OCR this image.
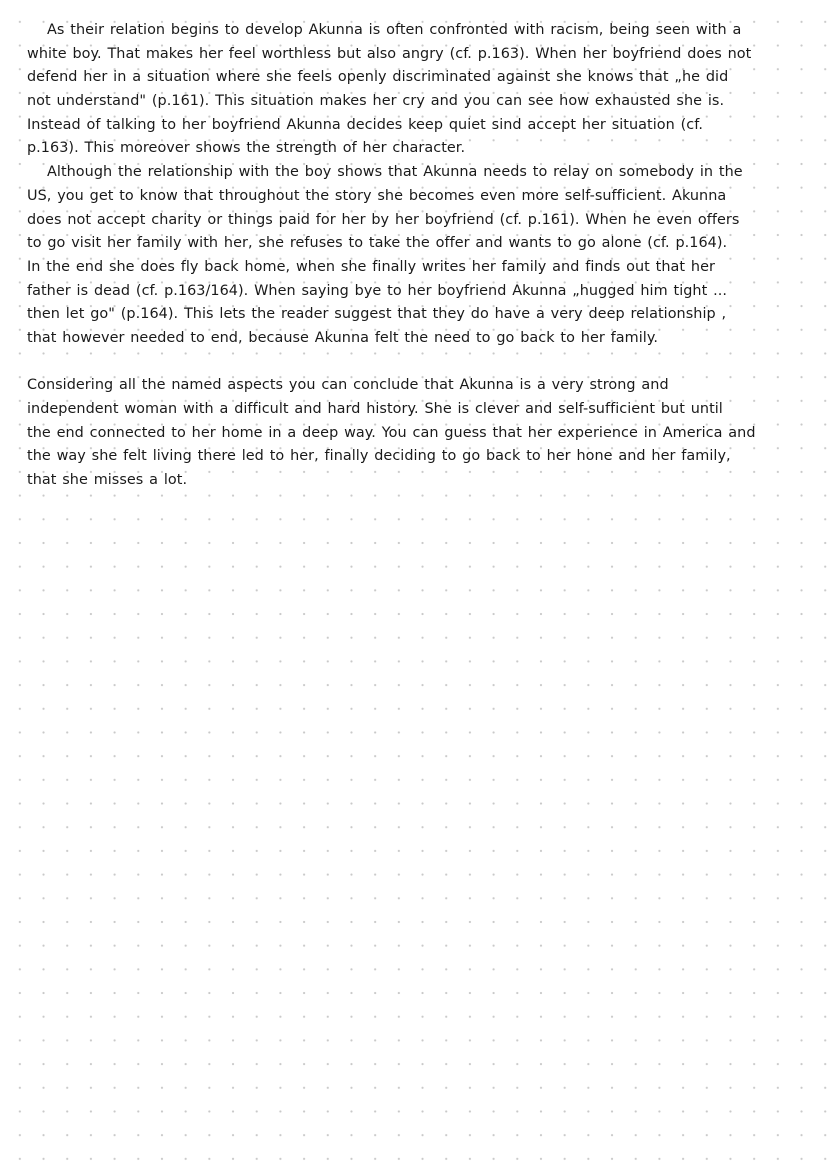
As their relation begins to develop Akunna is often confronted with racism, being seen with a
white boy. That makes her feel worthless but also angry (cf. p.163). When her boyfriend does not
defend her in a situation where she feels openly discriminated against she knows that „he did
not understand" (p.161). This situation makes her cry and you can see how exhausted she is.
Instead of talking to her boyfriend Akunna decides keep quiet sind accept her situation (cf.
p.163). This moreover shows the strength of her character.
Although the relationship with the boy shows that Akunna needs to relay on somebody in the
US, you get to know that throughout the story she becomes even more self-sufficient. Akunna
does not accept charity or things paid for her by her boyfriend (cf. p.161). When he even offers
to go visit her family with her, she refuses to take the offer and wants to go alone (cf. p.164).
In the end she does fly back home, when she finally writes her family and finds out that her
father is dead (cf. p.163/164). When saying bye to her boyfriend Akunna „hugged him tight ...
then let go" (p.164). This lets the reader suggest that they do have a very deep relationship ,
that however needed to end, because Akunna felt the need to go back to her family.
Considering all the named aspects you can conclude that Akunna is a very strong and
independent woman with a difficult and hard history. She is clever and self-sufficient but until
the end connected to her home in a deep way. You can guess that her experience in America and
the way she felt living there led to her, finally deciding to go back to her hone and her family,
that she misses a lot.
